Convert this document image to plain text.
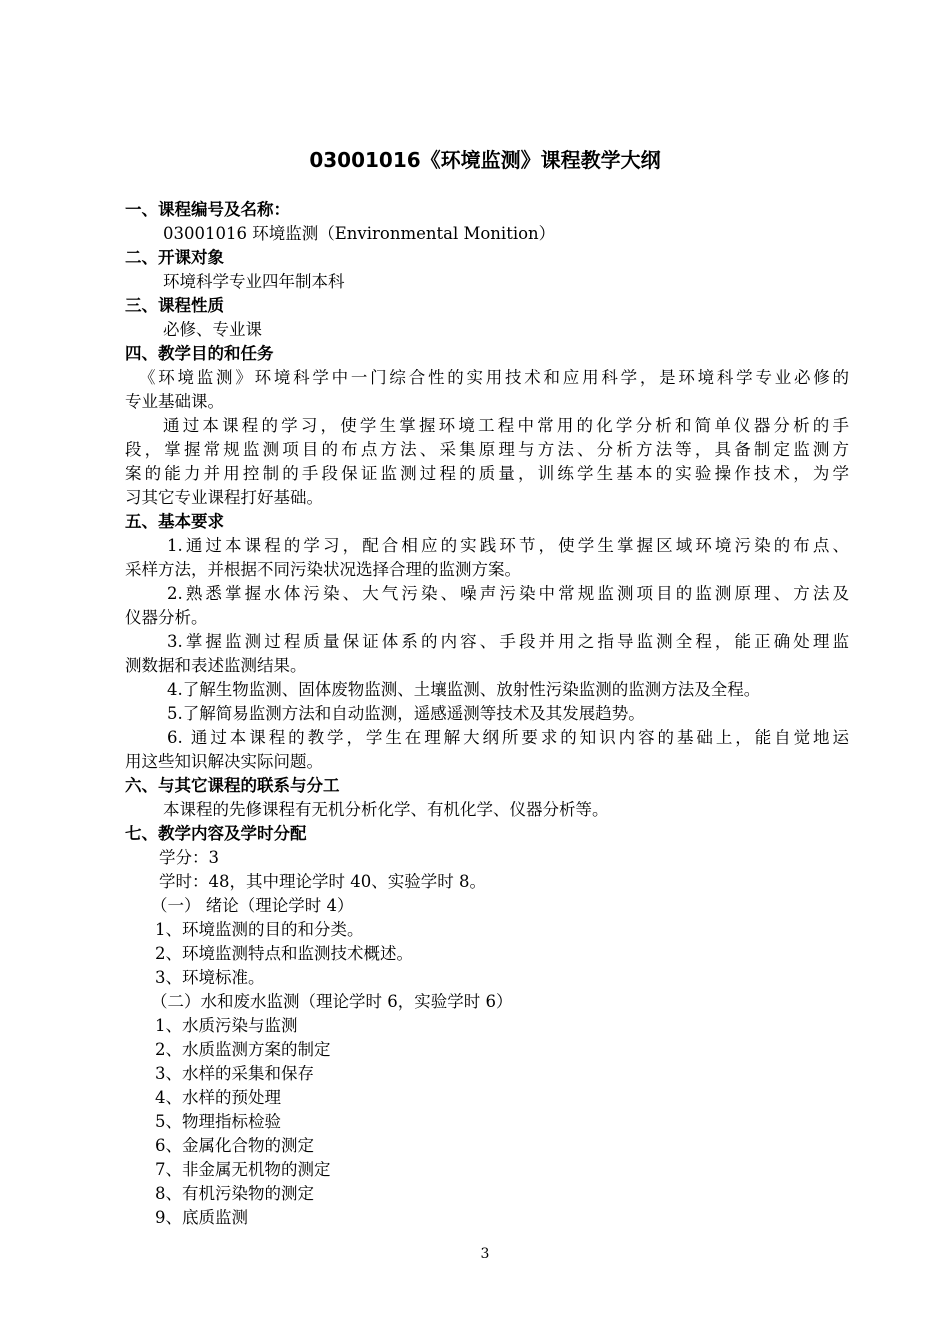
03001016《环境监测》课程教学大纲
一、课程编号及名称：
03001016 环境监测（Environmental Monition）
二、开课对象
环境科学专业四年制本科
三、课程性质
必修、专业课
四、教学目的和任务
《环境监测》环境科学中一门综合性的实用技术和应用科学，是环境科学专业必修的
专业基础课。
通过本课程的学习，使学生掌握环境工程中常用的化学分析和简单仪器分析的手
段，掌握常规监测项目的布点方法、采集原理与方法、分析方法等，具备制定监测方
案的能力并用控制的手段保证监测过程的质量，训练学生基本的实验操作技术，为学
习其它专业课程打好基础。
五、基本要求
1.通过本课程的学习，配合相应的实践环节，使学生掌握区域环境污染的布点、
采样方法，并根据不同污染状况选择合理的监测方案。
2.熟悉掌握水体污染、大气污染、噪声污染中常规监测项目的监测原理、方法及
仪器分析。
3.掌握监测过程质量保证体系的内容、手段并用之指导监测全程，能正确处理监
测数据和表述监测结果。
4.了解生物监测、固体废物监测、土壤监测、放射性污染监测的监测方法及全程。
5.了解简易监测方法和自动监测，遥感遥测等技术及其发展趋势。
6. 通过本课程的教学，学生在理解大纲所要求的知识内容的基础上，能自觉地运
用这些知识解决实际问题。
六、与其它课程的联系与分工
本课程的先修课程有无机分析化学、有机化学、仪器分析等。
七、教学内容及学时分配
学分：3
学时：48，其中理论学时 40、实验学时 8。
（一） 绪论（理论学时 4）
1、环境监测的目的和分类。
2、环境监测特点和监测技术概述。
3、环境标准。
（二）水和废水监测（理论学时 6，实验学时 6）
1、水质污染与监测
2、水质监测方案的制定
3、水样的采集和保存
4、水样的预处理
5、物理指标检验
6、金属化合物的测定
7、非金属无机物的测定
8、有机污染物的测定
9、底质监测
3
